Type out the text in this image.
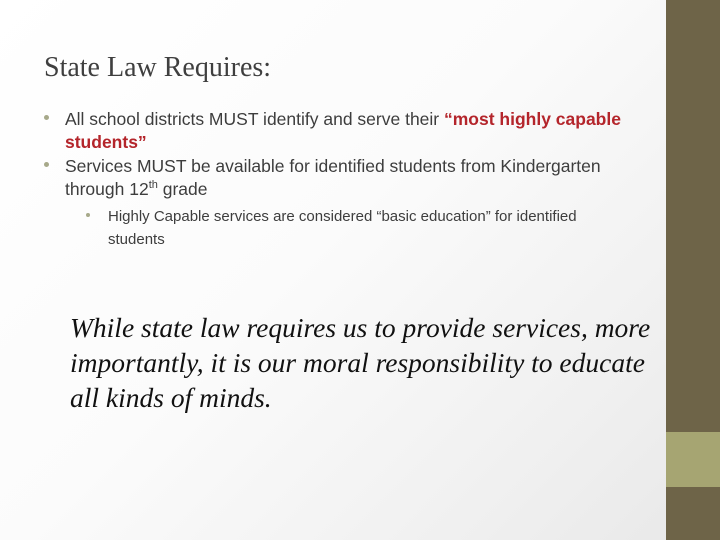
State Law Requires:
All school districts MUST identify and serve their “most highly capable students”
Services MUST be available for identified students from Kindergarten through 12th grade
Highly Capable services are considered “basic education” for identified students

While state law requires us to provide services, more importantly, it is our moral responsibility to educate all kinds of minds.
